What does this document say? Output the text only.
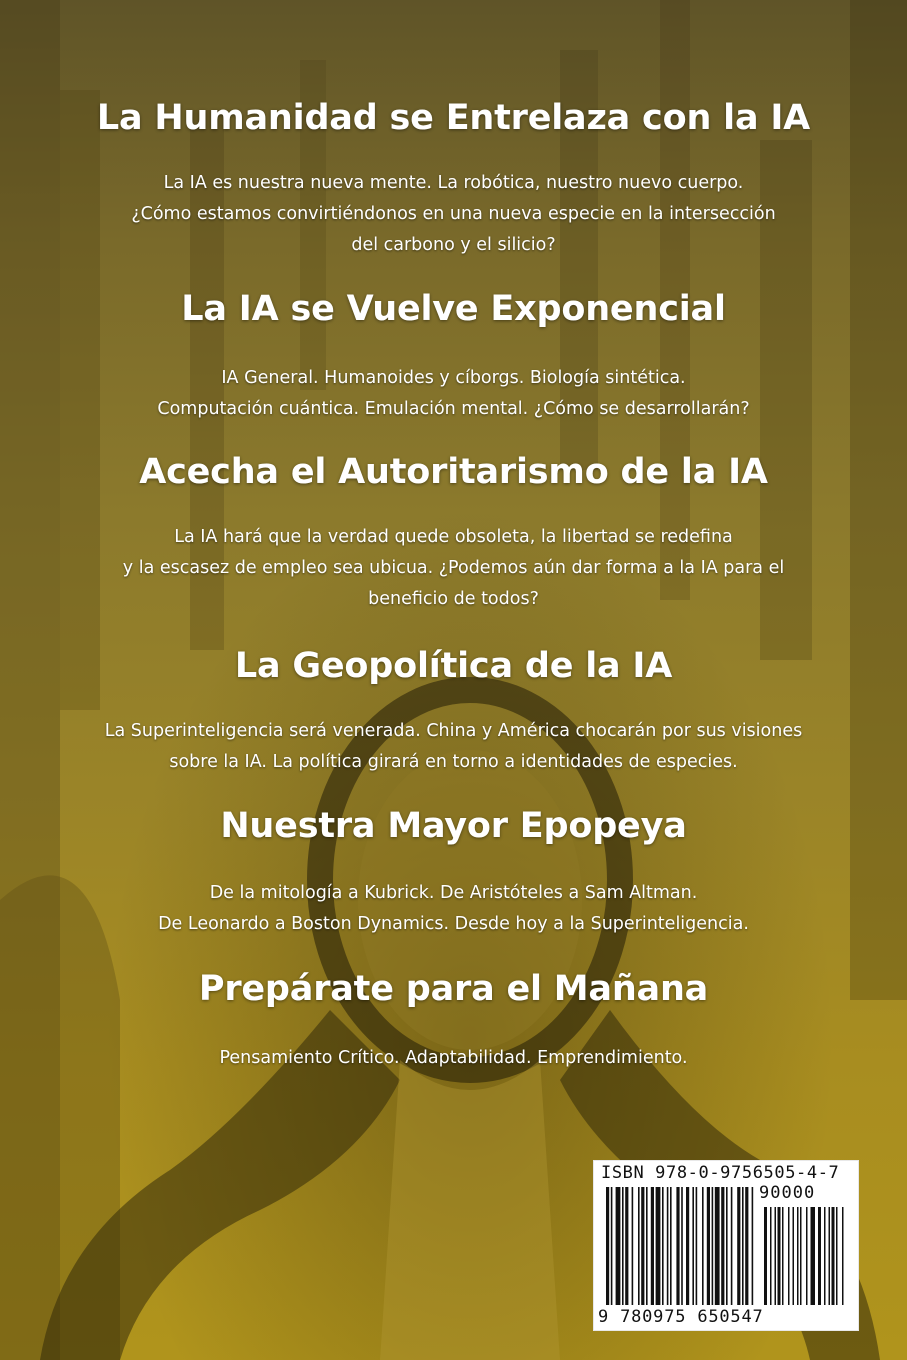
La Humanidad se Entrelaza con la IA
La IA es nuestra nueva mente. La robótica, nuestro nuevo cuerpo.
¿Cómo estamos convirtiéndonos en una nueva especie en la intersección
del carbono y el silicio?
La IA se Vuelve Exponencial
IA General. Humanoides y cíborgs. Biología sintética.
Computación cuántica. Emulación mental. ¿Cómo se desarrollarán?
Acecha el Autoritarismo de la IA
La IA hará que la verdad quede obsoleta, la libertad se redefina
y la escasez de empleo sea ubicua. ¿Podemos aún dar forma a la IA para el
beneficio de todos?
La Geopolítica de la IA
La Superinteligencia será venerada. China y América chocarán por sus visiones
sobre la IA. La política girará en torno a identidades de especies.
Nuestra Mayor Epopeya
De la mitología a Kubrick. De Aristóteles a Sam Altman.
De Leonardo a Boston Dynamics. Desde hoy a la Superinteligencia.
Prepárate para el Mañana
Pensamiento Crítico. Adaptabilidad. Emprendimiento.
ISBN 978-0-9756505-4-7
90000
9 780975 650547
